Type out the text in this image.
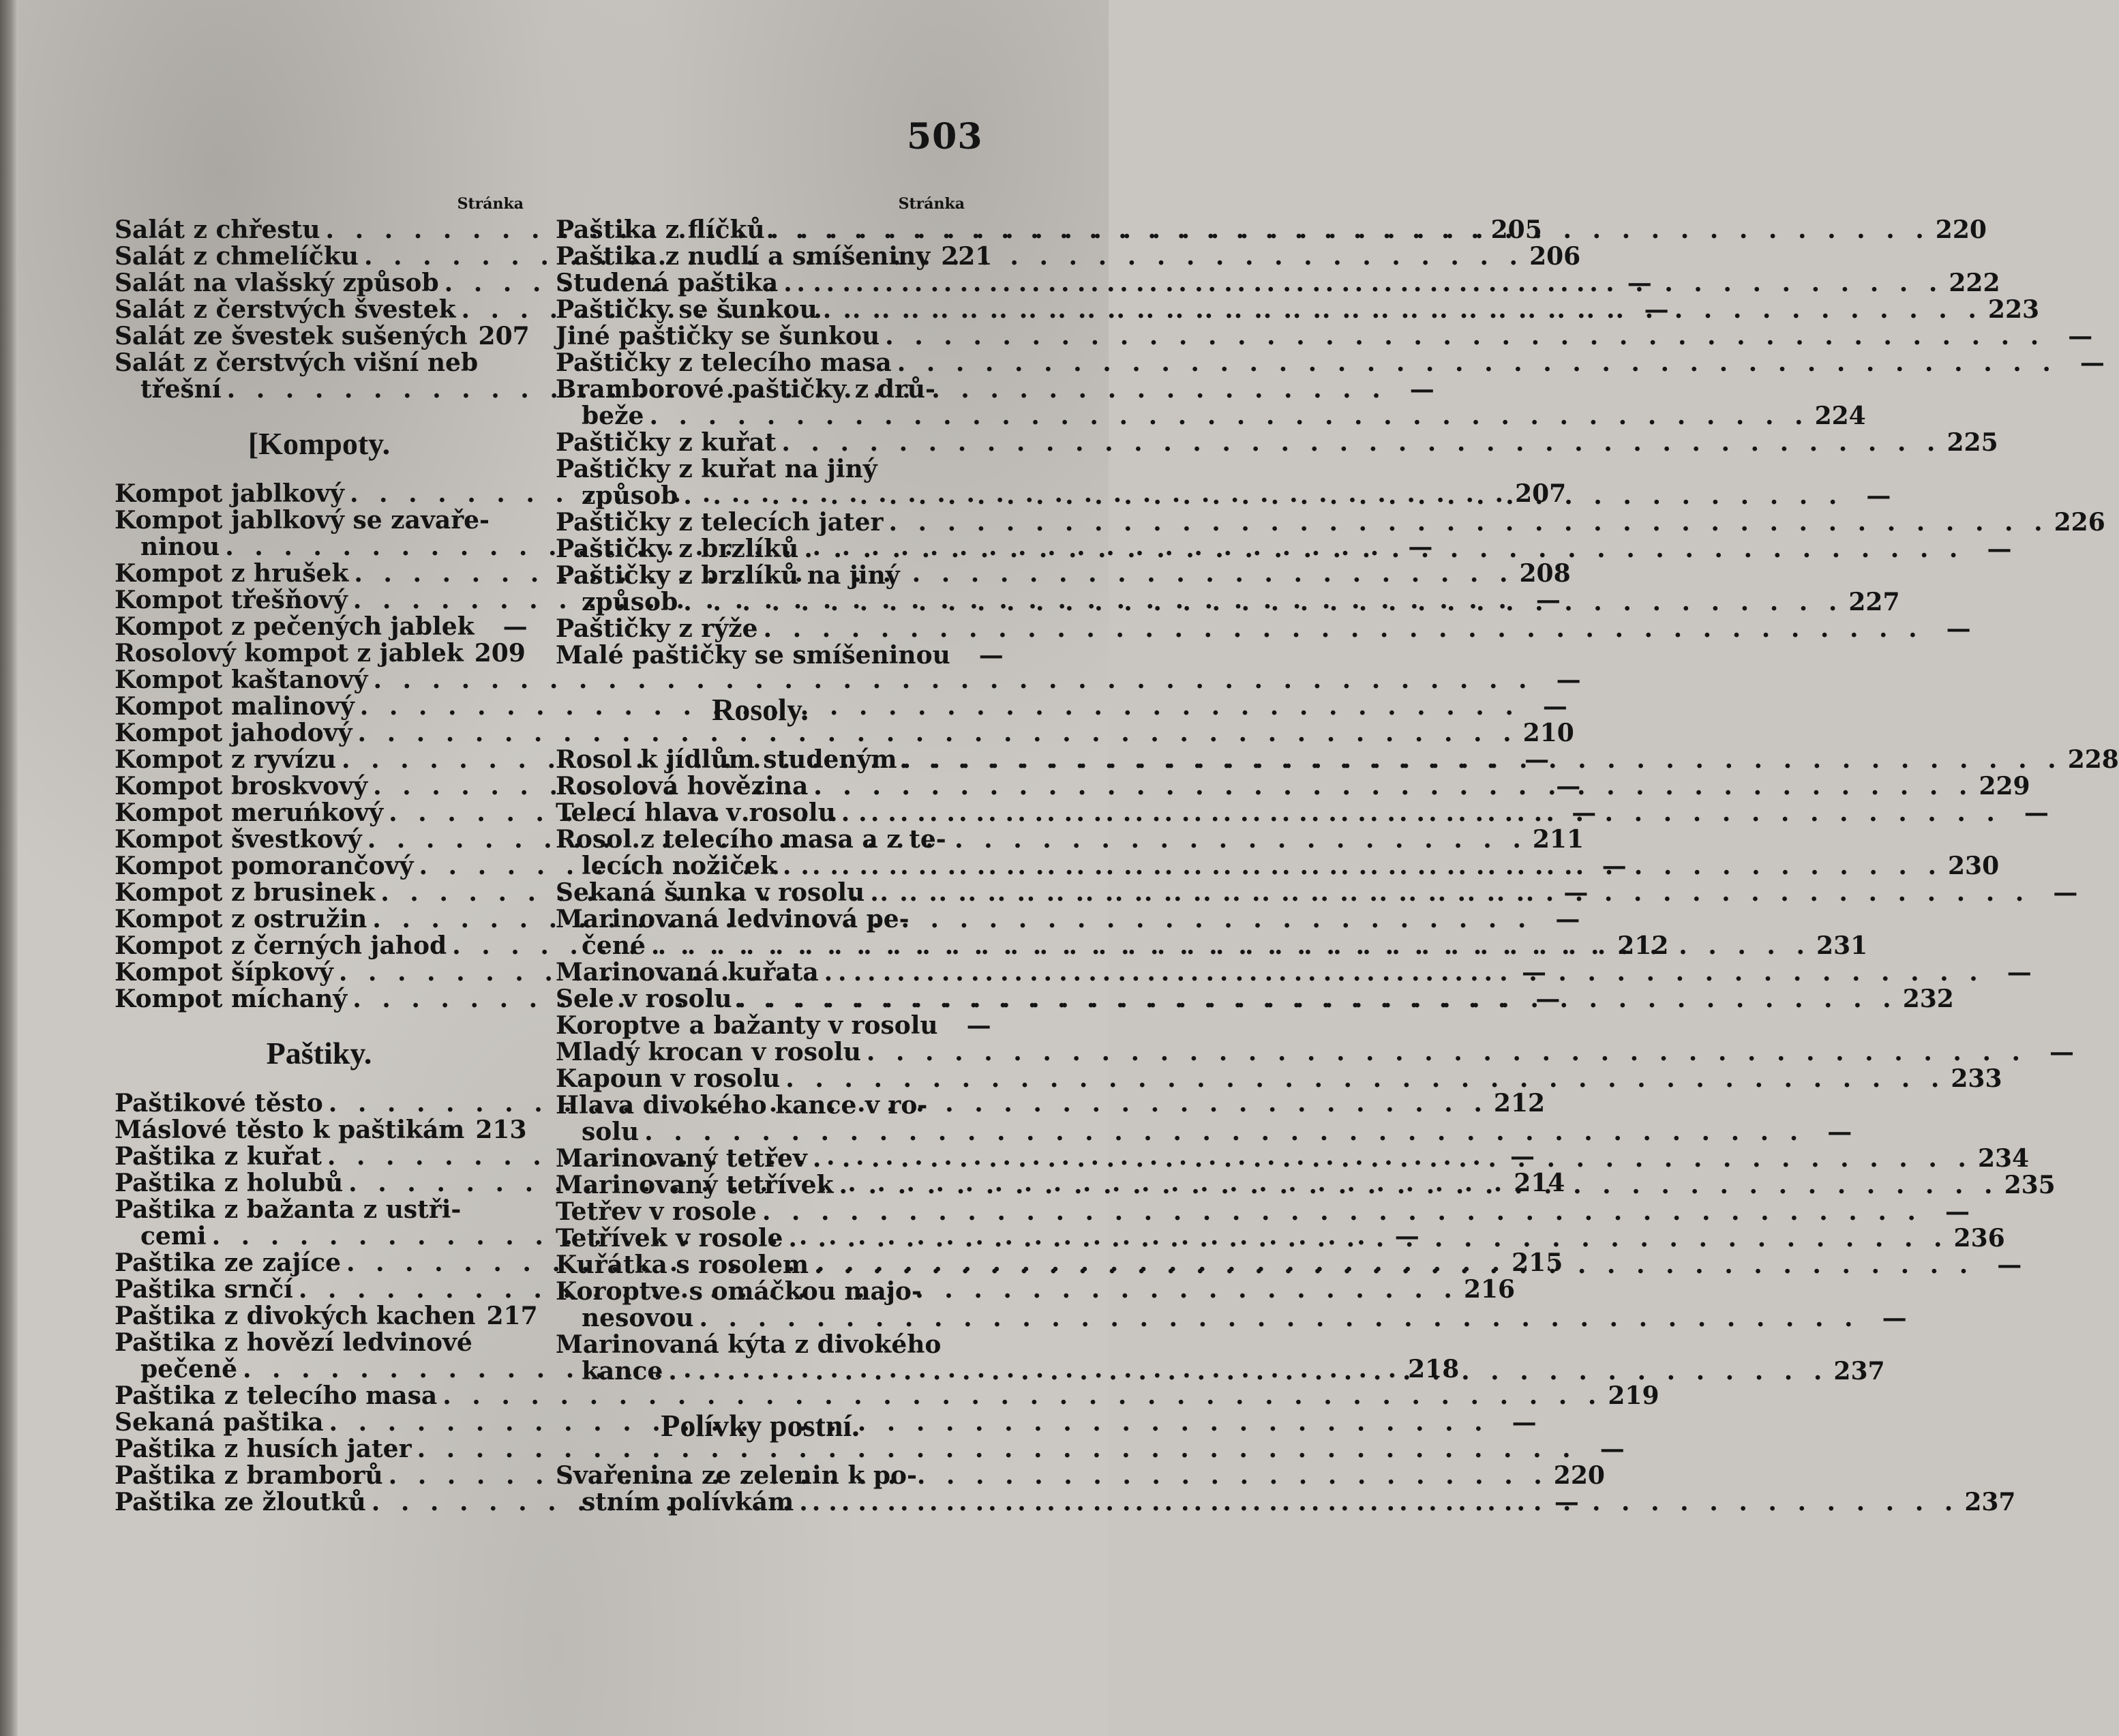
503
Stránka
Salát z chřestu . . .	205
Salát z chmelíčku . . .	206
Salát na vlašský způsob . . .	—
Salát z čerstvých švestek . . .	—
Salát ze švestek sušených 207
Salát z čerstvých višní neb
třešní . . .	—
[Kompoty.
Kompot jablkový . . .	207
Kompot jablkový se zavaře-
ninou . . .	—
Kompot z hrušek . . .	208
Kompot třešňový . . .	—
Kompot z pečených jablek	—
Rosolový kompot z jablek 209
Kompot kaštanový . . .	—
Kompot malinový . . .	—
Kompot jahodový . . .	210
Kompot z ryvízu . . .	—
Kompot broskvový . . .	—
Kompot meruńkový . . .	—
Kompot švestkový . . .	211
Kompot pomorančový . . .	—
Kompot z brusinek . . .	—
Kompot z ostružin . . .	—
Kompot z černých jahod . . .	212
Kompot šípkový . . .	—
Kompot míchaný . . .	—
Paštiky.
Paštikové těsto . . .	212
Máslové těsto k paštikám 213
Paštika z kuřat . . .	—
Paštika z holubů . . .	214
Paštika z bažanta z ustři-
cemi . . .	—
Paštika ze zajíce . . .	215
Paštika srnčí . . .	216
Paštika z divokých kachen 217
Paštika z hovězí ledvinové
pečeně . . .	218
Paštika z telecího masa . . .	219
Sekaná paštika . . .	—
Paštika z husích jater . . .	—
Paštika z bramborů . . .	220
Paštika ze žloutků . . .	—
Stránka
Paštika z flíčků . . .	220
Paštika z nudlí a smíšeniny 221
Studená paštika . . .	222
Paštičky se šunkou . . .	223
Jiné paštičky se šunkou . . .	—
Paštičky z telecího masa . . .	—
Bramborové paštičky z drů-
beže . . .	224
Paštičky z kuřat . . .	225
Paštičky z kuřat na jiný
způsob . . .	—
Paštičky z telecích jater . . .	226
Paštičky z brzlíků . . .	—
Paštičky z brzlíků na jiný
způsob . . .	227
Paštičky z rýže . . .	—
Malé paštičky se smíšeninou	—
Rosoly.
Rosol k jídlům studeným . . .	228
Rosolová hovězina . . .	229
Telecí hlava v rosolu . . .	—
Rosol z telecího masa a z te-
lecích nožiček . . .	230
Sekaná šunka v rosolu . . .	—
Marinovaná ledvinová pe-
čené . . .	231
Marinovaná kuřata . . .	—
Sele v rosolu . . .	232
Koroptve a bažanty v rosolu	—
Mladý krocan v rosolu . . .	—
Kapoun v rosolu . . .	233
Hlava divokého kance v ro-
solu . . .	—
Marinovaný tetřev . . .	234
Marinovaný tetřívek . . .	235
Tetřev v rosole . . .	—
Tetřívek v rosole . . .	236
Kuřátka s rosolem . . .	—
Koroptve s omáčkou majo-
nesovou . . .	—
Marinovaná kýta z divokého
kance . . .	237
Polívky postní.
Svařenina ze zelenin k po-
stním polívkám . . .	237
